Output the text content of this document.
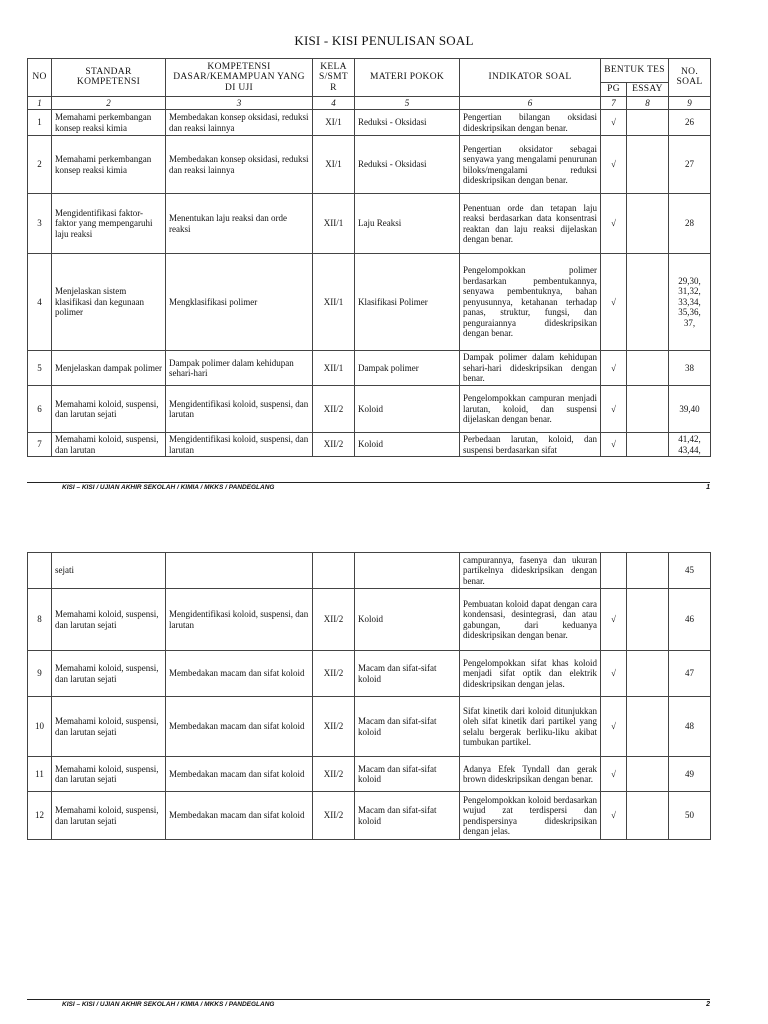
KISI - KISI PENULISAN SOAL
NO	STANDAR KOMPETENSI	KOMPETENSI DASAR/KEMAMPUAN YANG DI UJI	KELA S/SMT R	MATERI POKOK	INDIKATOR SOAL	BENTUK TES		NO. SOAL
						PG	ESSAY	
1	2	3	4	5	6	7	8	9
1	Memahami perkembangan konsep reaksi kimia	Membedakan konsep oksidasi, reduksi dan reaksi lainnya	XI/1	Reduksi - Oksidasi	Pengertian bilangan oksidasi dideskripsikan dengan benar.	√		26
2	Memahami perkembangan konsep reaksi kimia	Membedakan konsep oksidasi, reduksi dan reaksi lainnya	XI/1	Reduksi - Oksidasi	Pengertian oksidator sebagai senyawa yang mengalami penurunan biloks/mengalami reduksi dideskripsikan dengan benar.	√		27
3	Mengidentifikasi faktor-faktor yang mempengaruhi laju reaksi	Menentukan laju reaksi dan orde reaksi	XII/1	Laju Reaksi	Penentuan orde dan tetapan laju reaksi berdasarkan data konsentrasi reaktan dan laju reaksi dijelaskan dengan benar.	√		28
4	Menjelaskan sistem klasifikasi dan kegunaan polimer	Mengklasifikasi polimer	XII/1	Klasifikasi Polimer	Pengelompokkan polimer berdasarkan pembentukannya, senyawa pembentuknya, bahan penyusunnya, ketahanan terhadap panas, struktur, fungsi, dan penguraiannya dideskripsikan dengan benar.	√		29,30, 31,32, 33,34, 35,36, 37,
5	Menjelaskan dampak polimer	Dampak polimer dalam kehidupan sehari-hari	XII/1	Dampak polimer	Dampak polimer dalam kehidupan sehari-hari dideskripsikan dengan benar.	√		38
6	Memahami koloid, suspensi, dan larutan sejati	Mengidentifikasi koloid, suspensi, dan larutan	XII/2	Koloid	Pengelompokkan campuran menjadi larutan, koloid, dan suspensi dijelaskan dengan benar.	√		39,40
7	Memahami koloid, suspensi, dan larutan	Mengidentifikasi koloid, suspensi, dan larutan	XII/2	Koloid	Perbedaan larutan, koloid, dan suspensi berdasarkan sifat	√		41,42, 43,44,
KISI – KISI / UJIAN AKHIR SEKOLAH / KIMIA / MKKS / PANDEGLANG	1
	sejati				campurannya, fasenya dan ukuran partikelnya dideskripsikan dengan benar.			45
8	Memahami koloid, suspensi, dan larutan sejati	Mengidentifikasi koloid, suspensi, dan larutan	XII/2	Koloid	Pembuatan koloid dapat dengan cara kondensasi, desintegrasi, dan atau gabungan, dari keduanya dideskripsikan dengan benar.	√		46
9	Memahami koloid, suspensi, dan larutan sejati	Membedakan macam dan sifat koloid	XII/2	Macam dan sifat-sifat koloid	Pengelompokkan sifat khas koloid menjadi sifat optik dan elektrik dideskripsikan dengan jelas.	√		47
10	Memahami koloid, suspensi, dan larutan sejati	Membedakan macam dan sifat koloid	XII/2	Macam dan sifat-sifat koloid	Sifat kinetik dari koloid ditunjukkan oleh sifat kinetik dari partikel yang selalu bergerak berliku-liku akibat tumbukan partikel.	√		48
11	Memahami koloid, suspensi, dan larutan sejati	Membedakan macam dan sifat koloid	XII/2	Macam dan sifat-sifat koloid	Adanya Efek Tyndall dan gerak brown dideskripsikan dengan benar.	√		49
12	Memahami koloid, suspensi, dan larutan sejati	Membedakan macam dan sifat koloid	XII/2	Macam dan sifat-sifat koloid	Pengelompokkan koloid berdasarkan wujud zat terdispersi dan pendispersinya dideskripsikan dengan jelas.	√		50
KISI – KISI / UJIAN AKHIR SEKOLAH / KIMIA / MKKS / PANDEGLANG	2
